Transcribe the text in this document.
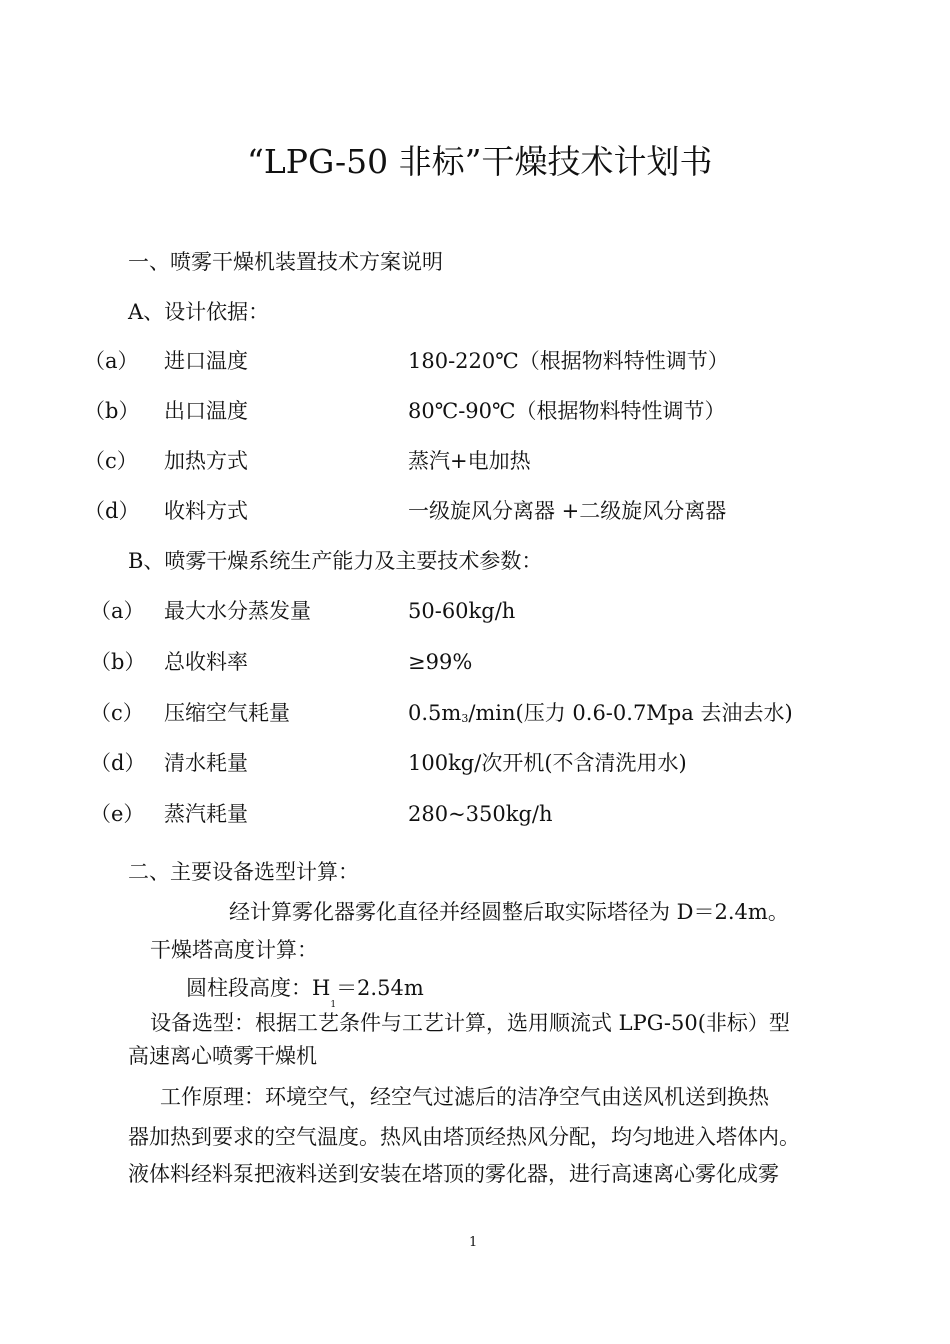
“LPG-50 非标”干燥技术计划书
一、喷雾干燥机装置技术方案说明
A、设计依据：
（a） 进口温度	180-220℃（根据物料特性调节）
（b） 出口温度	80℃-90℃（根据物料特性调节）
（c） 加热方式	蒸汽+电加热
（d） 收料方式	一级旋风分离器 +二级旋风分离器
B、喷雾干燥系统生产能力及主要技术参数：
（a） 最大水分蒸发量	50-60kg/h
（b） 总收料率	≥99%
（c） 压缩空气耗量	0.5m3/min(压力 0.6-0.7Mpa 去油去水)
（d） 清水耗量	100kg/次开机(不含清洗用水)
（e） 蒸汽耗量	280~350kg/h
二、主要设备选型计算：
经计算雾化器雾化直径并经圆整后取实际塔径为 D＝2.4m。
干燥塔高度计算：
圆柱段高度：$H_1=2.54m$
设备选型：根据工艺条件与工艺计算，选用顺流式 LPG-50(非标）型
高速离心喷雾干燥机
工作原理：环境空气，经空气过滤后的洁净空气由送风机送到换热
器加热到要求的空气温度。热风由塔顶经热风分配，均匀地进入塔体内。
液体料经料泵把液料送到安装在塔顶的雾化器，进行高速离心雾化成雾
1
